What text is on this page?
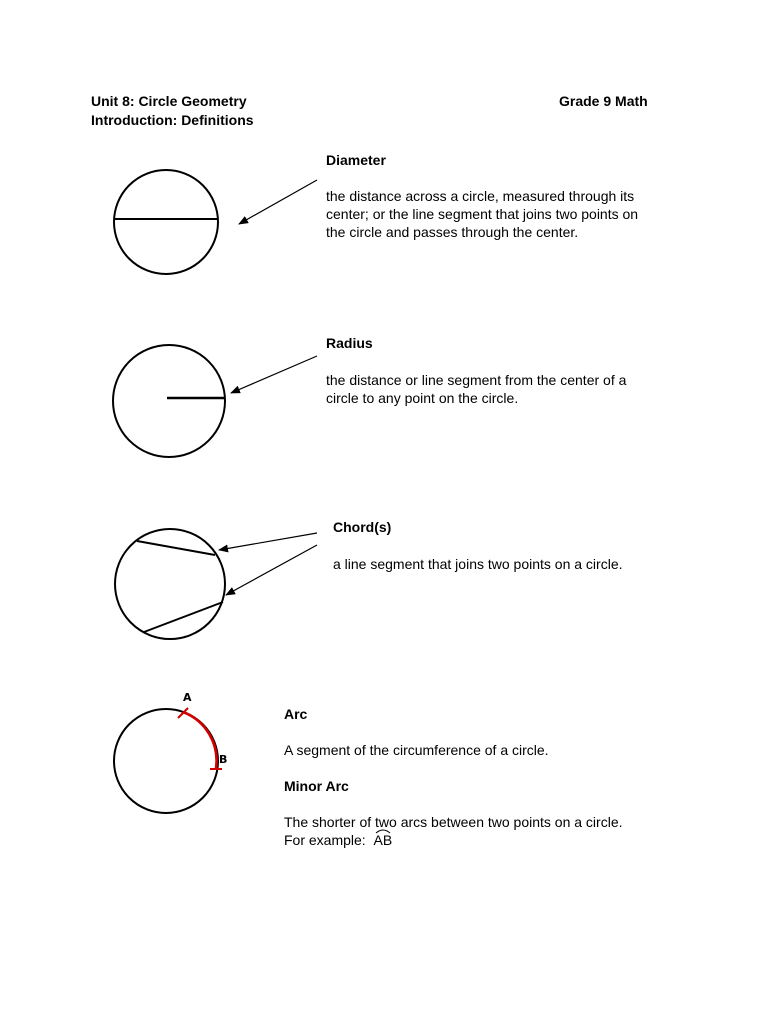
Unit 8: Circle Geometry
Introduction: Definitions
Grade 9 Math
A
B
Diameter
the distance across a circle, measured through its
center; or the line segment that joins two points on
the circle and passes through the center.
Radius
the distance or line segment from the center of a
circle to any point on the circle.
Chord(s)
a line segment that joins two points on a circle.
Arc
A segment of the circumference of a circle.
Minor Arc
The shorter of two arcs between two points on a circle.
For example: AB
